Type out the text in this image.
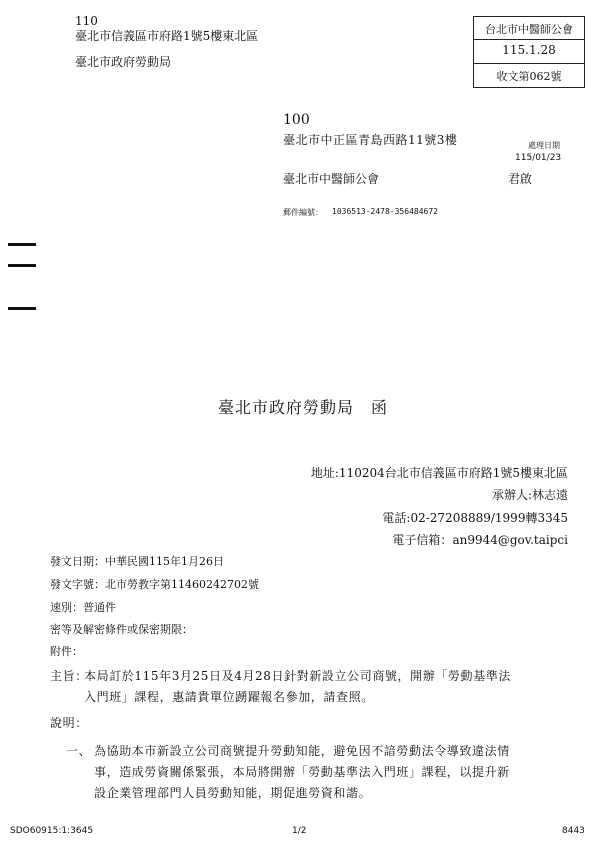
110
臺北市信義區市府路1號5樓東北區
臺北市政府勞動局
台北市中醫師公會
115.1.28
收文第062號
100
臺北市中正區青島西路11號3樓	處理日期
115/01/23
臺北市中醫師公會	君啟
郵件編號： 1036513-2478-356484672
臺北市政府勞動局　函
地址:110204台北市信義區市府路1號5樓東北區
承辦人:林志遠
電話:02-27208889/1999轉3345
電子信箱：an9944@gov.taipci
發文日期：中華民國115年1月26日
發文字號：北市勞教字第11460242702號
速別：普通件
密等及解密條件或保密期限：
附件：
主旨：
本局訂於115年3月25日及4月28日針對新設立公司商號，開辦「勞動基準法
入門班」課程，惠請貴單位踴躍報名參加，請查照。
說明：
一、 為協助本市新設立公司商號提升勞動知能，避免因不諳勞動法令導致違法情
事，造成勞資關係緊張，本局將開辦「勞動基準法入門班」課程，以提升新
設企業管理部門人員勞動知能，期促進勞資和諧。
SDO60915:1:3645	1/2	8443
